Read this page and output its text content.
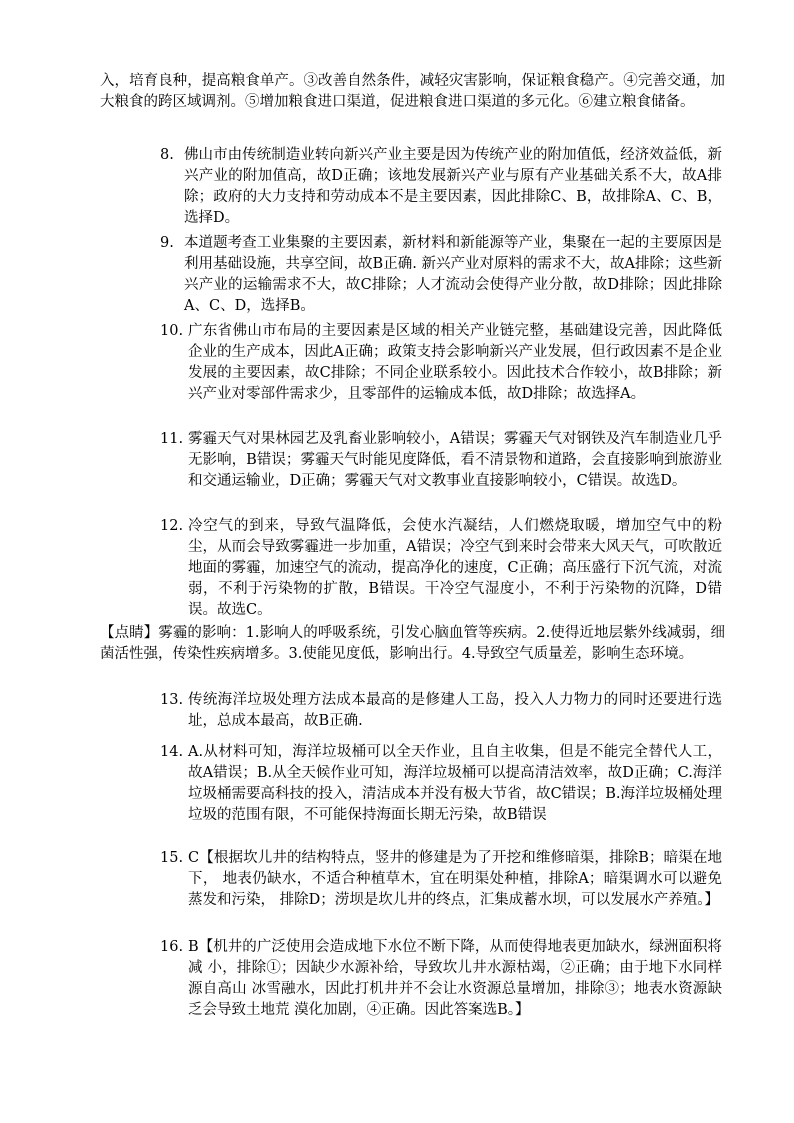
入，培育良种，提高粮食单产。③改善自然条件，减轻灾害影响，保证粮食稳产。④完善交通，加大粮食的跨区域调剂。⑤增加粮食进口渠道，促进粮食进口渠道的多元化。⑥建立粮食储备。

8. 佛山市由传统制造业转向新兴产业主要是因为传统产业的附加值低，经济效益低，新兴产业的附加值高，故D正确；该地发展新兴产业与原有产业基础关系不大，故A排除；政府的大力支持和劳动成本不是主要因素，因此排除C、B，故排除A、C、B，选择D。
9. 本道题考查工业集聚的主要因素，新材料和新能源等产业，集聚在一起的主要原因是利用基础设施，共享空间，故B正确. 新兴产业对原料的需求不大，故A排除；这些新兴产业的运输需求不大，故C排除；人才流动会使得产业分散，故D排除；因此排除A、C、D，选择B。
10. 广东省佛山市布局的主要因素是区域的相关产业链完整，基础建设完善，因此降低企业的生产成本，因此A正确；政策支持会影响新兴产业发展，但行政因素不是企业发展的主要因素，故C排除；不同企业联系较小。因此技术合作较小，故B排除；新兴产业对零部件需求少，且零部件的运输成本低，故D排除；故选择A。
11. 雾霾天气对果林园艺及乳畜业影响较小，A错误；雾霾天气对钢铁及汽车制造业几乎无影响，B错误；雾霾天气时能见度降低，看不清景物和道路，会直接影响到旅游业和交通运输业，D正确；雾霾天气对文教事业直接影响较小，C错误。故选D。
12. 冷空气的到来，导致气温降低，会使水汽凝结，人们燃烧取暖，增加空气中的粉尘，从而会导致雾霾进一步加重，A错误；冷空气到来时会带来大风天气，可吹散近地面的雾霾，加速空气的流动，提高净化的速度，C正确；高压盛行下沉气流，对流弱，不利于污染物的扩散，B错误。干冷空气湿度小，不利于污染物的沉降，D错误。故选C。

【点睛】雾霾的影响：1.影响人的呼吸系统，引发心脑血管等疾病。2.使得近地层紫外线减弱，细菌活性强，传染性疾病增多。3.使能见度低，影响出行。4.导致空气质量差，影响生态环境。

13. 传统海洋垃圾处理方法成本最高的是修建人工岛，投入人力物力的同时还要进行选址，总成本最高，故B正确.
14. A.从材料可知，海洋垃圾桶可以全天作业，且自主收集，但是不能完全替代人工，故A错误；B.从全天候作业可知，海洋垃圾桶可以提高清洁效率，故D正确；C.海洋垃圾桶需要高科技的投入，清洁成本并没有极大节省，故C错误；B.海洋垃圾桶处理垃圾的范围有限，不可能保持海面长期无污染，故B错误
15. C【根据坎儿井的结构特点，竖井的修建是为了开挖和维修暗渠，排除B；暗渠在地下， 地表仍缺水，不适合种植草木，宜在明渠处种植，排除A；暗渠调水可以避免蒸发和污染， 排除D；涝坝是坎儿井的终点，汇集成蓄水坝，可以发展水产养殖。】
16. B【机井的广泛使用会造成地下水位不断下降，从而使得地表更加缺水，绿洲面积将减 小，排除①；因缺少水源补给，导致坎儿井水源枯竭，②正确；由于地下水同样源自高山 冰雪融水，因此打机井并不会让水资源总量增加，排除③；地表水资源缺乏会导致土地荒 漠化加剧，④正确。因此答案选B。】
